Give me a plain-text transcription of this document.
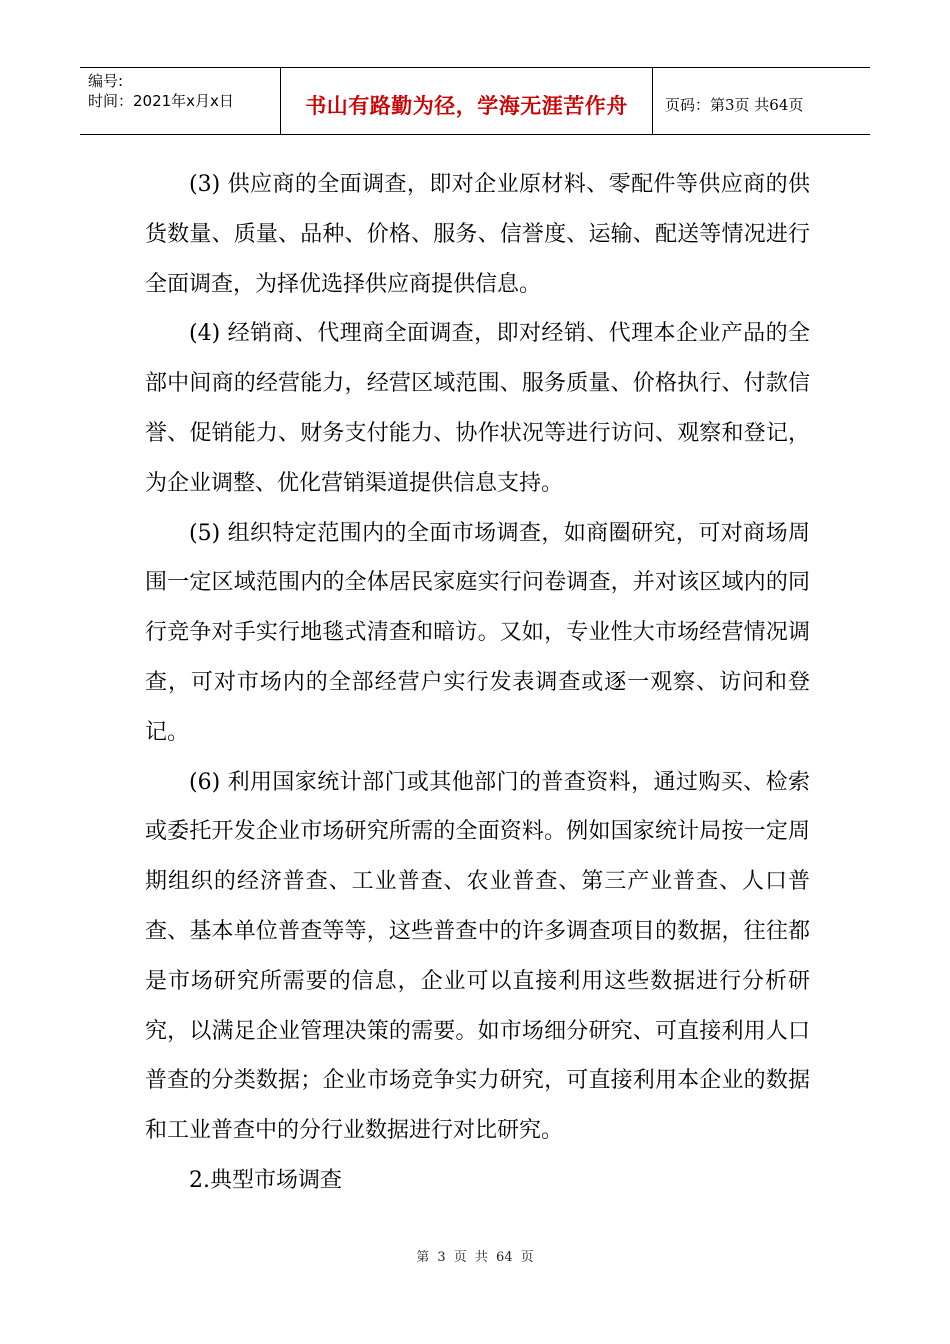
编号:
时间：2021年x月x日	书山有路勤为径，学海无涯苦作舟	页码：第3页 共64页

(3) 供应商的全面调查，即对企业原材料、零配件等供应商的供货数量、质量、品种、价格、服务、信誉度、运输、配送等情况进行全面调查，为择优选择供应商提供信息。

(4) 经销商、代理商全面调查，即对经销、代理本企业产品的全部中间商的经营能力，经营区域范围、服务质量、价格执行、付款信誉、促销能力、财务支付能力、协作状况等进行访问、观察和登记，为企业调整、优化营销渠道提供信息支持。

(5) 组织特定范围内的全面市场调查，如商圈研究，可对商场周围一定区域范围内的全体居民家庭实行问卷调查，并对该区域内的同行竞争对手实行地毯式清查和暗访。又如，专业性大市场经营情况调查，可对市场内的全部经营户实行发表调查或逐一观察、访问和登记。

(6) 利用国家统计部门或其他部门的普查资料，通过购买、检索或委托开发企业市场研究所需的全面资料。例如国家统计局按一定周期组织的经济普查、工业普查、农业普查、第三产业普查、人口普查、基本单位普查等等，这些普查中的许多调查项目的数据，往往都是市场研究所需要的信息，企业可以直接利用这些数据进行分析研究，以满足企业管理决策的需要。如市场细分研究、可直接利用人口普查的分类数据；企业市场竞争实力研究，可直接利用本企业的数据和工业普查中的分行业数据进行对比研究。

2.典型市场调查

第 3 页 共 64 页
